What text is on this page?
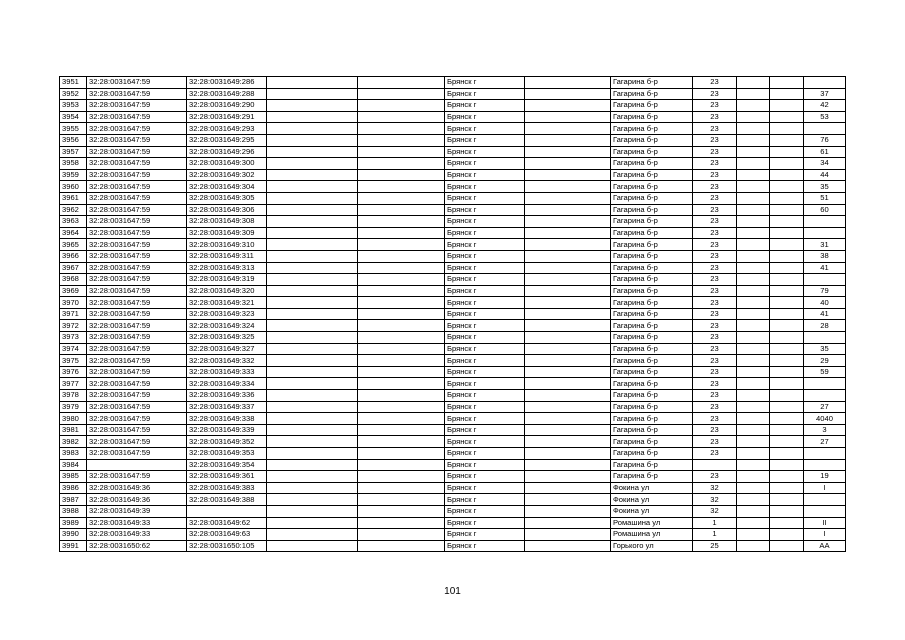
3951	32:28:0031647:59	32:28:0031649:286			Брянск г		Гагарина б-р	23			
3952	32:28:0031647:59	32:28:0031649:288			Брянск г		Гагарина б-р	23			37
3953	32:28:0031647:59	32:28:0031649:290			Брянск г		Гагарина б-р	23			42
3954	32:28:0031647:59	32:28:0031649:291			Брянск г		Гагарина б-р	23			53
3955	32:28:0031647:59	32:28:0031649:293			Брянск г		Гагарина б-р	23			
3956	32:28:0031647:59	32:28:0031649:295			Брянск г		Гагарина б-р	23			76
3957	32:28:0031647:59	32:28:0031649:296			Брянск г		Гагарина б-р	23			61
3958	32:28:0031647:59	32:28:0031649:300			Брянск г		Гагарина б-р	23			34
3959	32:28:0031647:59	32:28:0031649:302			Брянск г		Гагарина б-р	23			44
3960	32:28:0031647:59	32:28:0031649:304			Брянск г		Гагарина б-р	23			35
3961	32:28:0031647:59	32:28:0031649:305			Брянск г		Гагарина б-р	23			51
3962	32:28:0031647:59	32:28:0031649:306			Брянск г		Гагарина б-р	23			60
3963	32:28:0031647:59	32:28:0031649:308			Брянск г		Гагарина б-р	23			
3964	32:28:0031647:59	32:28:0031649:309			Брянск г		Гагарина б-р	23			
3965	32:28:0031647:59	32:28:0031649:310			Брянск г		Гагарина б-р	23			31
3966	32:28:0031647:59	32:28:0031649:311			Брянск г		Гагарина б-р	23			38
3967	32:28:0031647:59	32:28:0031649:313			Брянск г		Гагарина б-р	23			41
3968	32:28:0031647:59	32:28:0031649:319			Брянск г		Гагарина б-р	23			
3969	32:28:0031647:59	32:28:0031649:320			Брянск г		Гагарина б-р	23			79
3970	32:28:0031647:59	32:28:0031649:321			Брянск г		Гагарина б-р	23			40
3971	32:28:0031647:59	32:28:0031649:323			Брянск г		Гагарина б-р	23			41
3972	32:28:0031647:59	32:28:0031649:324			Брянск г		Гагарина б-р	23			28
3973	32:28:0031647:59	32:28:0031649:325			Брянск г		Гагарина б-р	23			
3974	32:28:0031647:59	32:28:0031649:327			Брянск г		Гагарина б-р	23			35
3975	32:28:0031647:59	32:28:0031649:332			Брянск г		Гагарина б-р	23			29
3976	32:28:0031647:59	32:28:0031649:333			Брянск г		Гагарина б-р	23			59
3977	32:28:0031647:59	32:28:0031649:334			Брянск г		Гагарина б-р	23			
3978	32:28:0031647:59	32:28:0031649:336			Брянск г		Гагарина б-р	23			
3979	32:28:0031647:59	32:28:0031649:337			Брянск г		Гагарина б-р	23			27
3980	32:28:0031647:59	32:28:0031649:338			Брянск г		Гагарина б-р	23			4040
3981	32:28:0031647:59	32:28:0031649:339			Брянск г		Гагарина б-р	23			3
3982	32:28:0031647:59	32:28:0031649:352			Брянск г		Гагарина б-р	23			27
3983	32:28:0031647:59	32:28:0031649:353			Брянск г		Гагарина б-р	23			
3984		32:28:0031649:354			Брянск г		Гагарина б-р				
3985	32:28:0031647:59	32:28:0031649:361			Брянск г		Гагарина б-р	23			19
3986	32:28:0031649:36	32:28:0031649:383			Брянск г		Фокина ул	32			I
3987	32:28:0031649:36	32:28:0031649:388			Брянск г		Фокина ул	32			
3988	32:28:0031649:39				Брянск г		Фокина ул	32			
3989	32:28:0031649:33	32:28:0031649:62			Брянск г		Ромашина ул	1			II
3990	32:28:0031649:33	32:28:0031649:63			Брянск г		Ромашина ул	1			I
3991	32:28:0031650:62	32:28:0031650:105			Брянск г		Горького ул	25			АА
101
